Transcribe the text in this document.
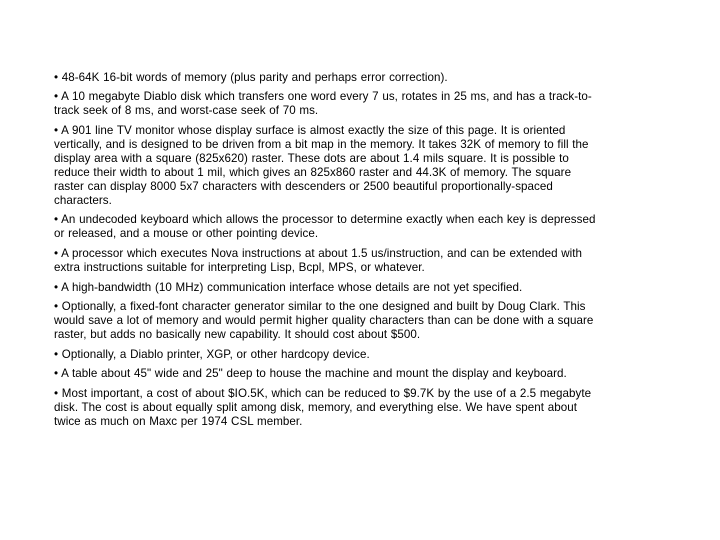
• 48-64K 16-bit words of memory (plus parity and perhaps error correction).
• A 10 megabyte Diablo disk which transfers one word every 7 us, rotates in 25 ms, and has a track-to-track seek of 8 ms, and worst-case seek of 70 ms.
• A 901 line TV monitor whose display surface is almost exactly the size of this page. It is oriented vertically, and is designed to be driven from a bit map in the memory. It takes 32K of memory to fill the display area with a square (825x620) raster. These dots are about 1.4 mils square. It is possible to reduce their width to about 1 mil, which gives an 825x860 raster and 44.3K of memory. The square raster can display 8000 5x7 characters with descenders or 2500 beautiful proportionally-spaced characters.
• An undecoded keyboard which allows the processor to determine exactly when each key is depressed or released, and a mouse or other pointing device.
• A processor which executes Nova instructions at about 1.5 us/instruction, and can be extended with extra instructions suitable for interpreting Lisp, Bcpl, MPS, or whatever.
• A high-bandwidth (10 MHz) communication interface whose details are not yet specified.
• Optionally, a fixed-font character generator similar to the one designed and built by Doug Clark. This would save a lot of memory and would permit higher quality characters than can be done with a square raster, but adds no basically new capability. It should cost about $500.
• Optionally, a Diablo printer, XGP, or other hardcopy device.
• A table about 45" wide and 25" deep to house the machine and mount the display and keyboard.
• Most important, a cost of about $IO.5K, which can be reduced to $9.7K by the use of a 2.5 megabyte disk. The cost is about equally split among disk, memory, and everything else. We have spent about twice as much on Maxc per 1974 CSL member.
